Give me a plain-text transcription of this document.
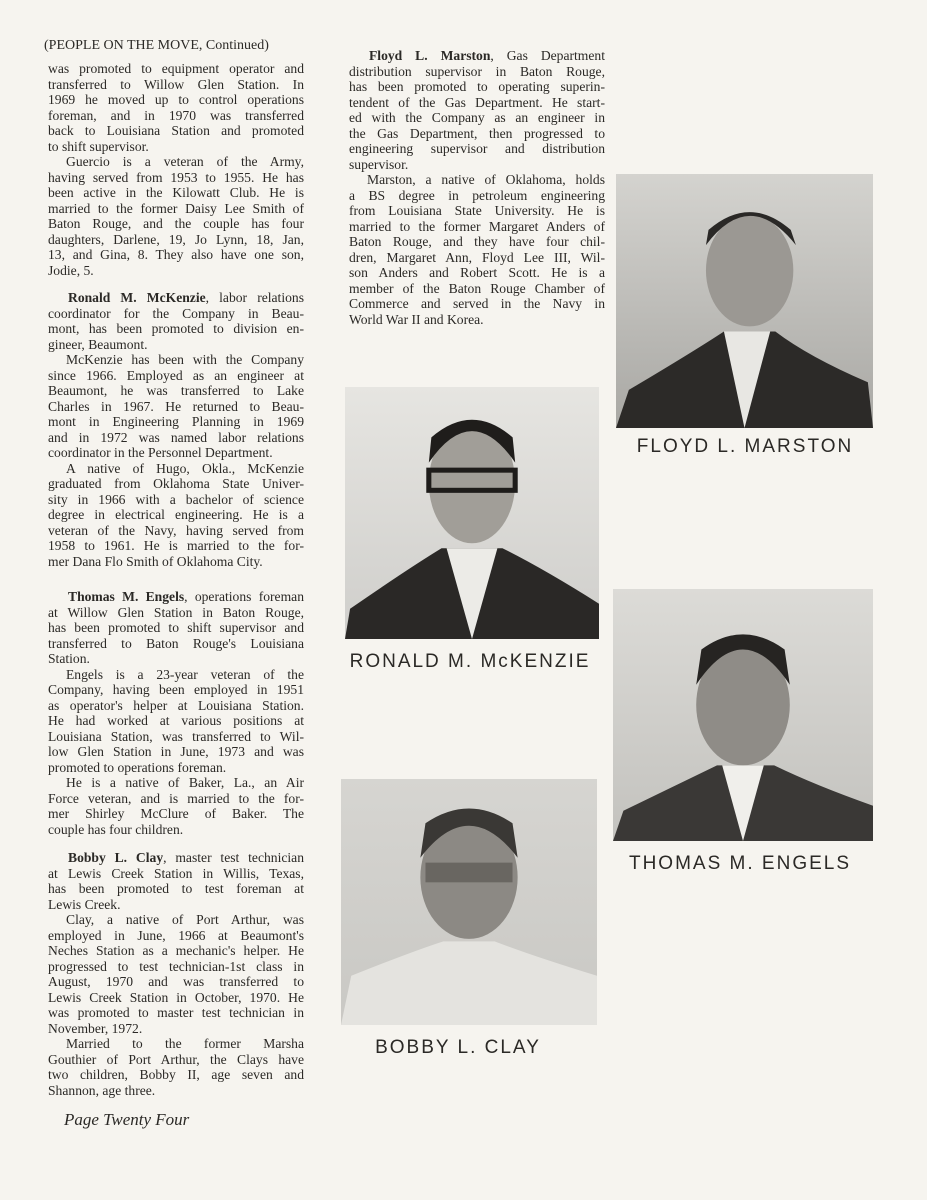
(PEOPLE ON THE MOVE, Continued)
was promoted to equipment operator and
transferred to Willow Glen Station. In
1969 he moved up to control operations
foreman, and in 1970 was transferred
back to Louisiana Station and promoted
to shift supervisor.
Guercio is a veteran of the Army,
having served from 1953 to 1955. He has
been active in the Kilowatt Club. He is
married to the former Daisy Lee Smith of
Baton Rouge, and the couple has four
daughters, Darlene, 19, Jo Lynn, 18, Jan,
13, and Gina, 8. They also have one son,
Jodie, 5.
Ronald M. McKenzie, labor relations
coordinator for the Company in Beau-
mont, has been promoted to division en-
gineer, Beaumont.
McKenzie has been with the Company
since 1966. Employed as an engineer at
Beaumont, he was transferred to Lake
Charles in 1967. He returned to Beau-
mont in Engineering Planning in 1969
and in 1972 was named labor relations
coordinator in the Personnel Department.
A native of Hugo, Okla., McKenzie
graduated from Oklahoma State Univer-
sity in 1966 with a bachelor of science
degree in electrical engineering. He is a
veteran of the Navy, having served from
1958 to 1961. He is married to the for-
mer Dana Flo Smith of Oklahoma City.
Thomas M. Engels, operations foreman
at Willow Glen Station in Baton Rouge,
has been promoted to shift supervisor and
transferred to Baton Rouge's Louisiana
Station.
Engels is a 23-year veteran of the
Company, having been employed in 1951
as operator's helper at Louisiana Station.
He had worked at various positions at
Louisiana Station, was transferred to Wil-
low Glen Station in June, 1973 and was
promoted to operations foreman.
He is a native of Baker, La., an Air
Force veteran, and is married to the for-
mer Shirley McClure of Baker. The
couple has four children.
Bobby L. Clay, master test technician
at Lewis Creek Station in Willis, Texas,
has been promoted to test foreman at
Lewis Creek.
Clay, a native of Port Arthur, was
employed in June, 1966 at Beaumont's
Neches Station as a mechanic's helper. He
progressed to test technician-1st class in
August, 1970 and was transferred to
Lewis Creek Station in October, 1970. He
was promoted to master test technician in
November, 1972.
Married to the former Marsha
Gouthier of Port Arthur, the Clays have
two children, Bobby II, age seven and
Shannon, age three.
Floyd L. Marston, Gas Department
distribution supervisor in Baton Rouge,
has been promoted to operating superin-
tendent of the Gas Department. He start-
ed with the Company as an engineer in
the Gas Department, then progressed to
engineering supervisor and distribution
supervisor.
Marston, a native of Oklahoma, holds
a BS degree in petroleum engineering
from Louisiana State University. He is
married to the former Margaret Anders of
Baton Rouge, and they have four chil-
dren, Margaret Ann, Floyd Lee III, Wil-
son Anders and Robert Scott. He is a
member of the Baton Rouge Chamber of
Commerce and served in the Navy in
World War II and Korea.
FLOYD L. MARSTON
RONALD M. McKENZIE
THOMAS M. ENGELS
BOBBY L. CLAY
Page Twenty Four
